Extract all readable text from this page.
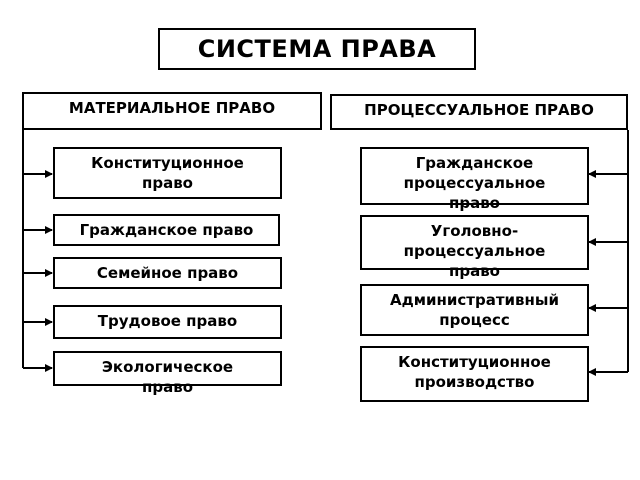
СИСТЕМА ПРАВА
МАТЕРИАЛЬНОЕ ПРАВО	ПРОЦЕССУАЛЬНОЕ ПРАВО
Конституционное
право
Гражданское право
Семейное право
Трудовое право
Экологическое
право
Гражданское
процессуальное
право
Уголовно-
процессуальное
право
Административный
процесс
Конституционное
производство
